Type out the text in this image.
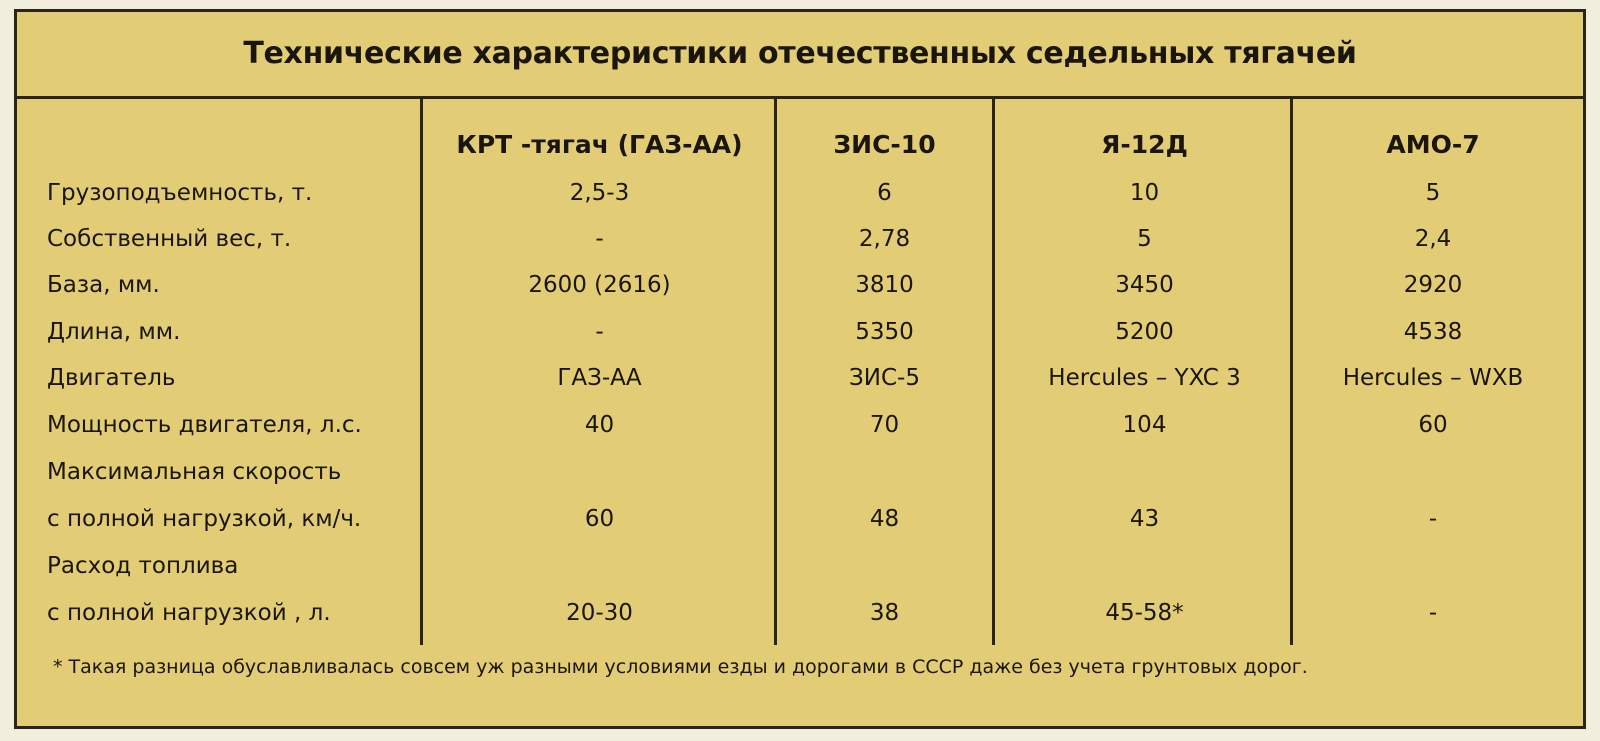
Технические характеристики отечественных седельных тягачей
КРТ -тягач (ГАЗ-АА)	ЗИС-10	Я-12Д	АМО-7
Грузоподъемность, т.	2,5-3	6	10	5
Собственный вес, т.	-	2,78	5	2,4
База, мм.	2600 (2616)	3810	3450	2920
Длина, мм.	-	5350	5200	4538
Двигатель	ГАЗ-АА	ЗИС-5	Hercules – YXC 3	Hercules – WXB
Мощность двигателя, л.с.	40	70	104	60
Максимальная скорость
с полной нагрузкой, км/ч.	60	48	43	-
Расход топлива
с полной нагрузкой , л.	20-30	38	45-58*	-
* Такая разница обуславливалась совсем уж разными условиями езды и дорогами в СССР даже без учета грунтовых дорог.
